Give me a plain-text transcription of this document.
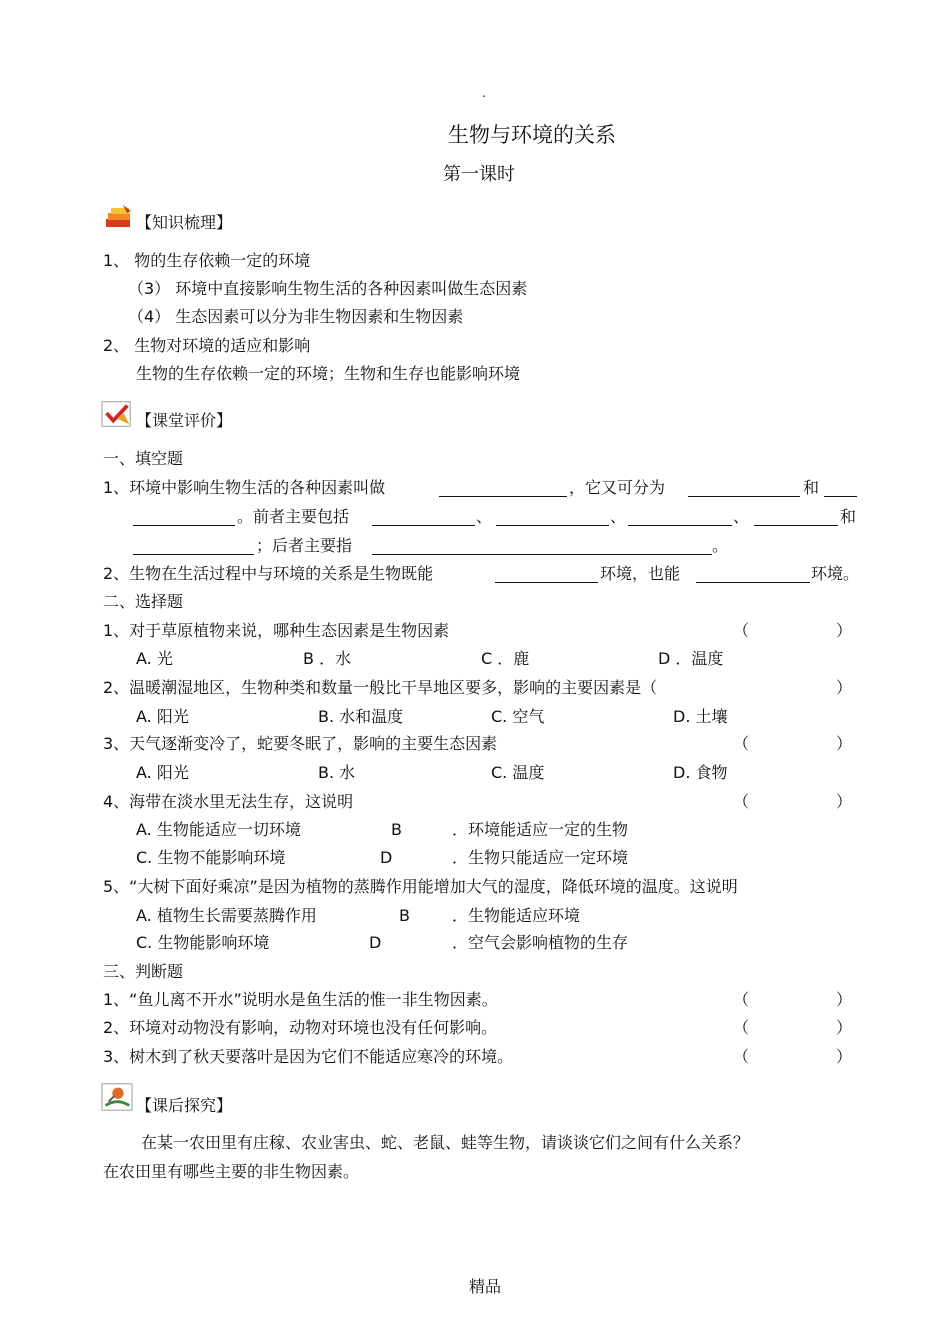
.
生物与环境的关系
第一课时
【知识梳理】
1、 物的生存依赖一定的环境
（3） 环境中直接影响生物生活的各种因素叫做生态因素
（4） 生态因素可以分为非生物因素和生物因素
2、 生物对环境的适应和影响
生物的生存依赖一定的环境；生物和生存也能影响环境
【课堂评价】
一、填空题
1、环境中影响生物生活的各种因素叫做	，它又可分为	和
。前者主要包括	、	、	、	和
；后者主要指	。
2、生物在生活过程中与环境的关系是生物既能	环境，也能	环境。
二、选择题
1、对于草原植物来说，哪种生态因素是生物因素	（	）
A. 光	B ．水	C ．鹿	D ．温度
2、温暖潮湿地区，生物种类和数量一般比干旱地区要多，影响的主要因素是（	）
A. 阳光	B. 水和温度	C. 空气	D. 土壤
3、天气逐渐变冷了，蛇要冬眠了，影响的主要生态因素	（	）
A. 阳光	B. 水	C. 温度	D. 食物
4、海带在淡水里无法生存，这说明	（	）
A. 生物能适应一切环境	B	．环境能适应一定的生物
C. 生物不能影响环境	D	．生物只能适应一定环境
5、“大树下面好乘凉”是因为植物的蒸腾作用能增加大气的湿度，降低环境的温度。这说明
A. 植物生长需要蒸腾作用	B	．生物能适应环境
C. 生物能影响环境	D	．空气会影响植物的生存
三、判断题
1、“鱼儿离不开水”说明水是鱼生活的惟一非生物因素。	（	）
2、环境对动物没有影响，动物对环境也没有任何影响。	（	）
3、树木到了秋天要落叶是因为它们不能适应寒冷的环境。	（	）
【课后探究】
在某一农田里有庄稼、农业害虫、蛇、老鼠、蛙等生物，请谈谈它们之间有什么关系？
在农田里有哪些主要的非生物因素。
精品
